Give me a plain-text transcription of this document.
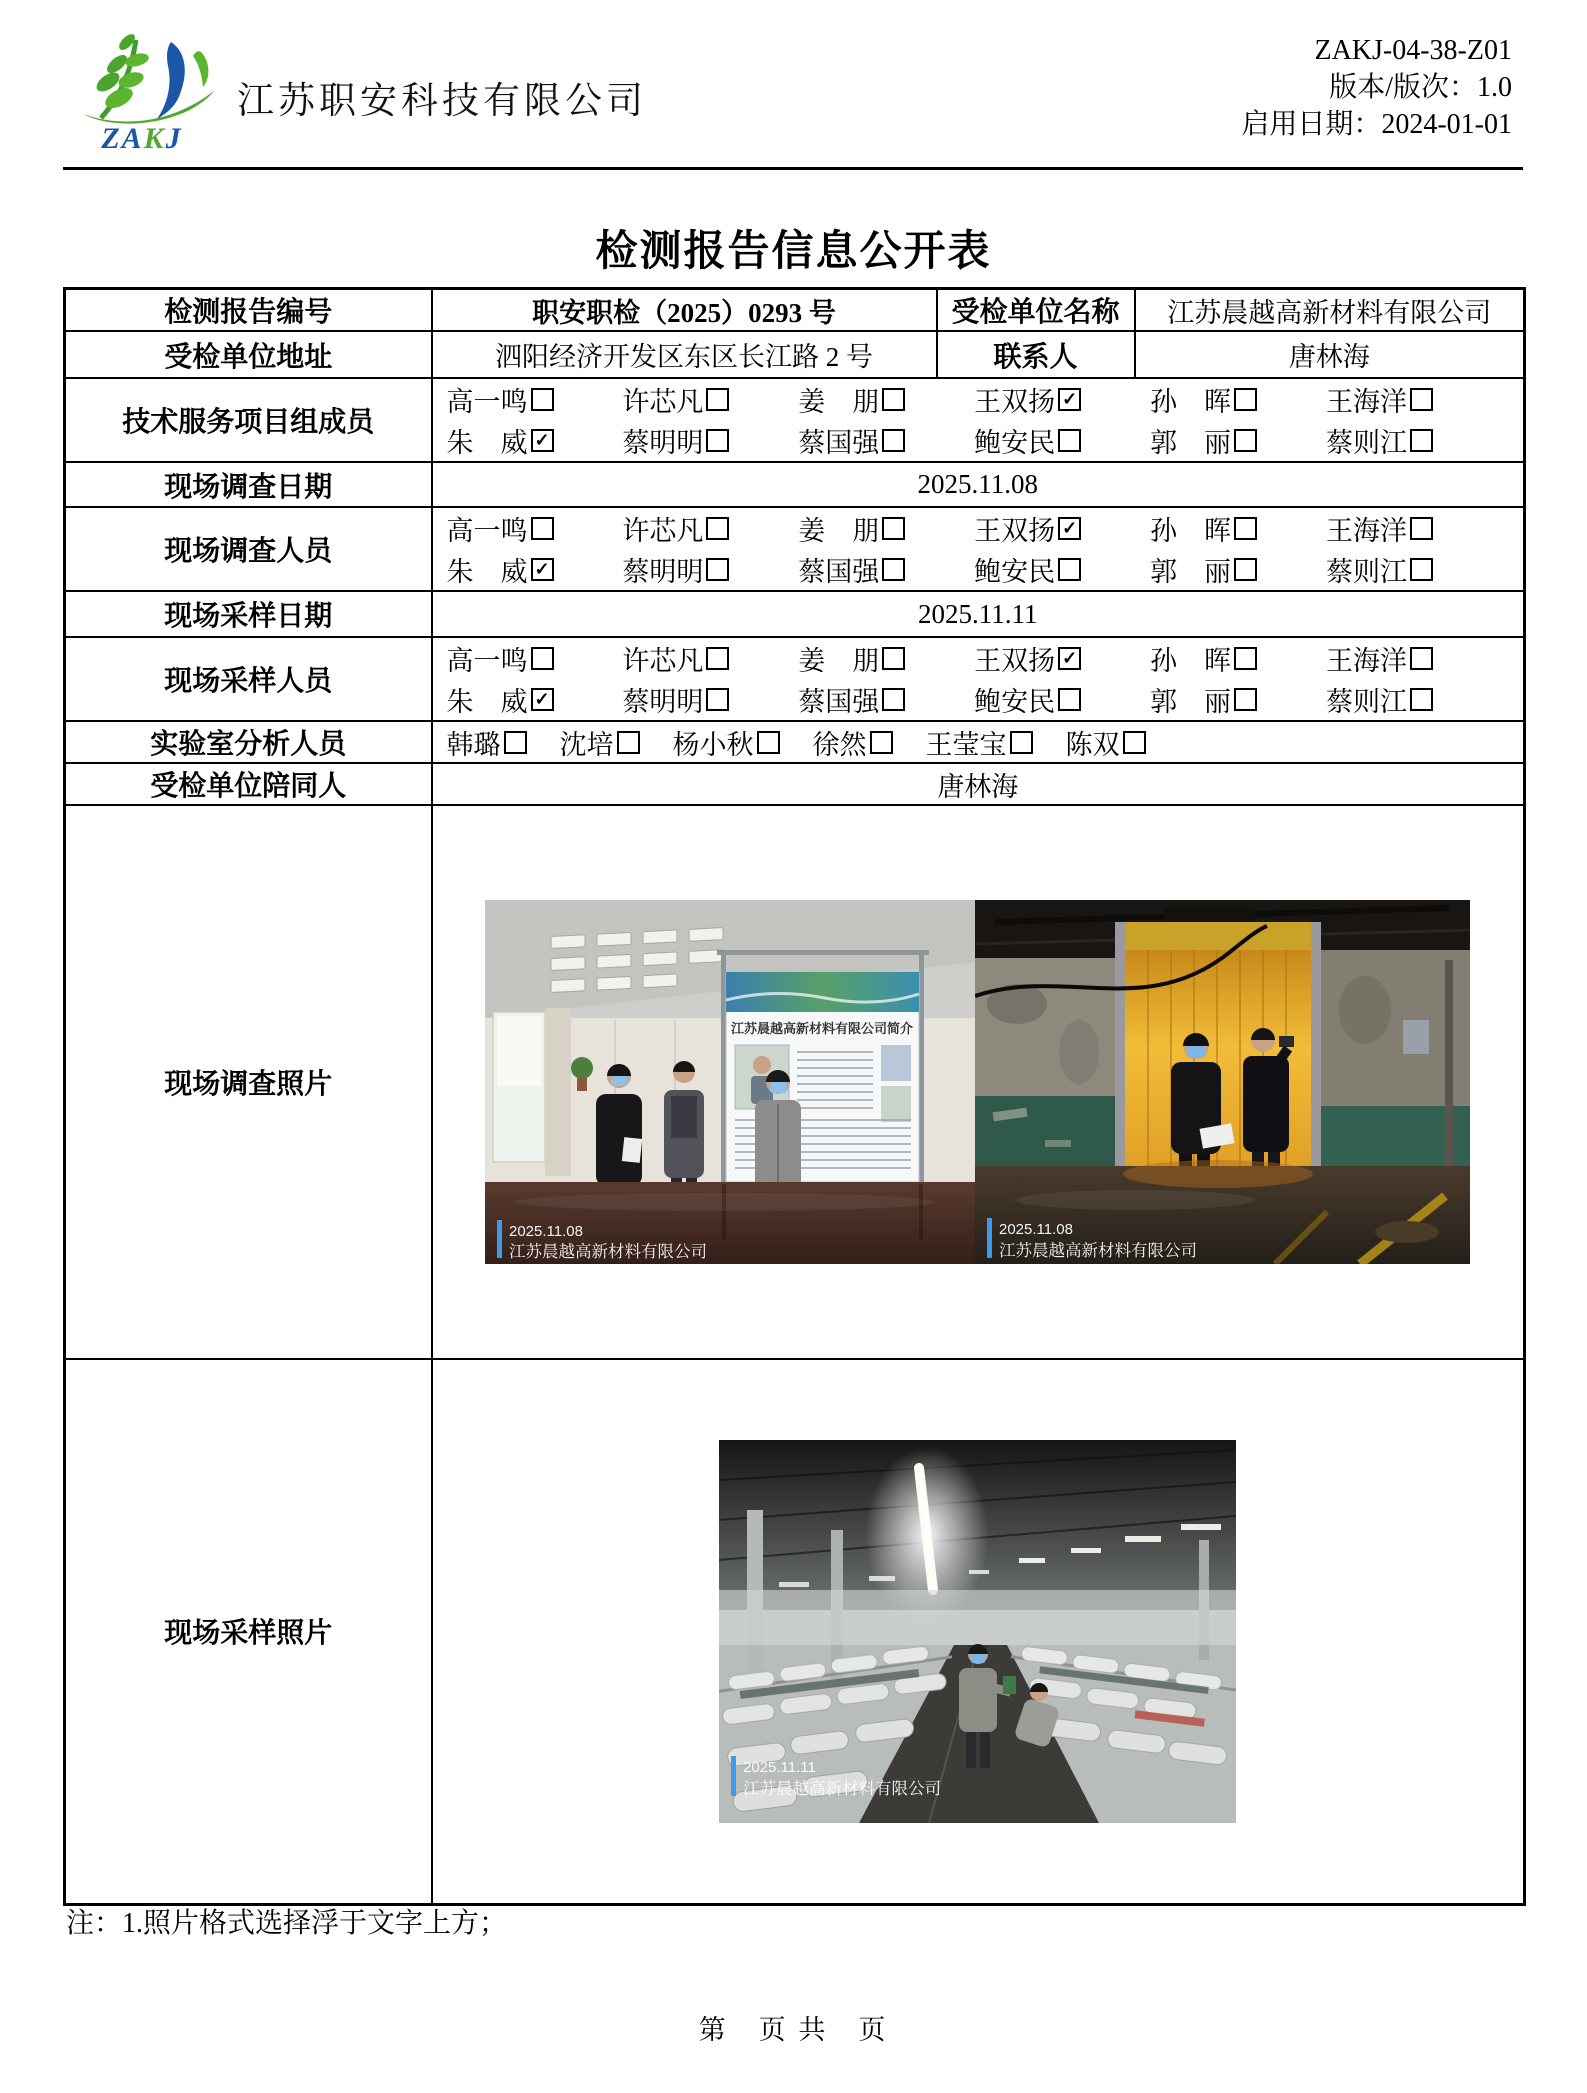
ZAKJ
江苏职安科技有限公司
ZAKJ-04-38-Z01
版本/版次：1.0
启用日期：2024-01-01
检测报告信息公开表
检测报告编号	职安职检（2025）0293 号	受检单位名称	江苏晨越高新材料有限公司
受检单位地址	泗阳经济开发区东区长江路 2 号	联系人	唐林海
技术服务项目组成员	
高一鸣	许芯凡	姜　朋	王双扬 ✓	孙　晖	王海洋
朱　威 ✓	蔡明明	蔡国强	鲍安民	郭　丽	蔡则江

现场调查日期	2025.11.08		
现场调查人员	
高一鸣	许芯凡	姜　朋	王双扬 ✓	孙　晖	王海洋
朱　威 ✓	蔡明明	蔡国强	鲍安民	郭　丽	蔡则江

现场采样日期	2025.11.11		
现场采样人员	
高一鸣	许芯凡	姜　朋	王双扬 ✓	孙　晖	王海洋
朱　威 ✓	蔡明明	蔡国强	鲍安民	郭　丽	蔡则江

实验室分析人员	韩璐 沈培 杨小秋 徐然 王莹宝 陈双

受检单位陪同人	唐林海		
现场调查照片	江苏晨越高新材料有限公司简介
2025.11.08
江苏晨越高新材料有限公司
2025.11.08
江苏晨越高新材料有限公司		

现场采样照片	2025.11.11
江苏晨越高新材料有限公司		
注：1.照片格式选择浮于文字上方；
第　页 共　页
